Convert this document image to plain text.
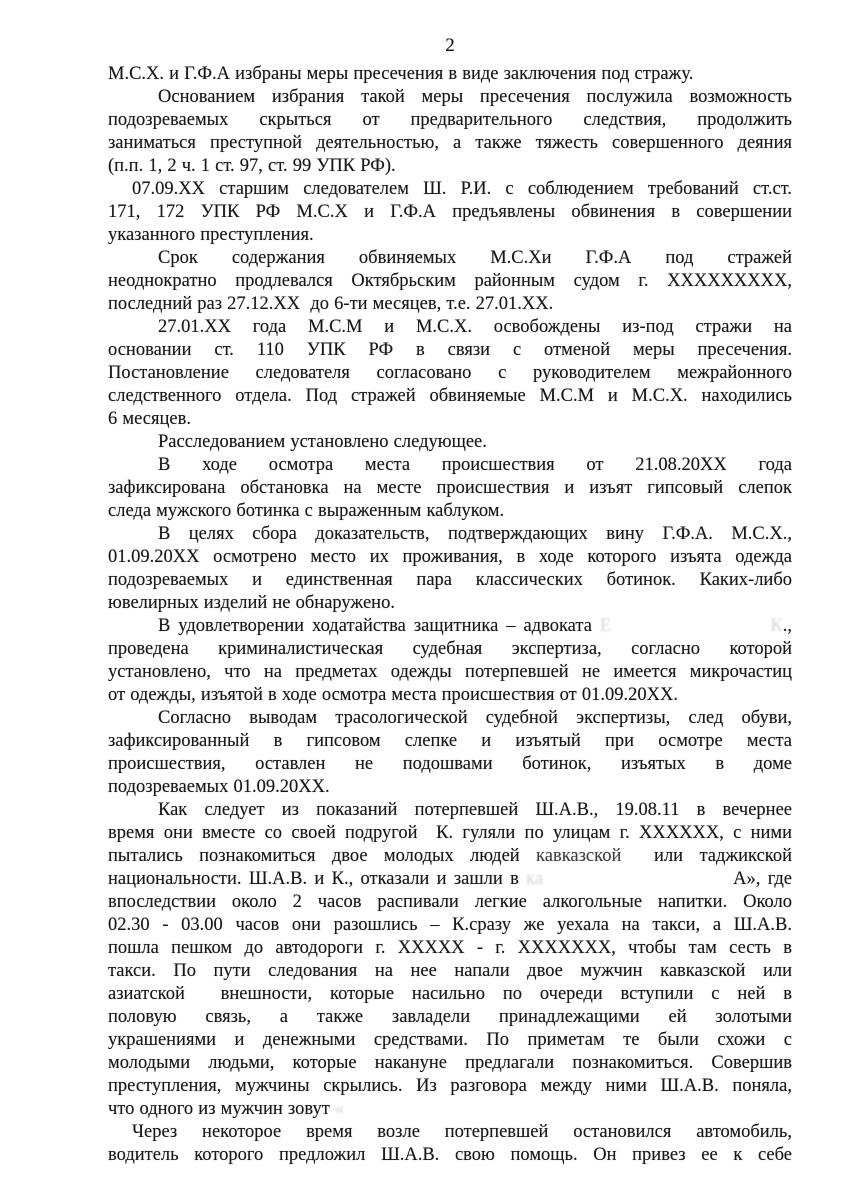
2
М.С.Х. и Г.Ф.А избраны меры пресечения в виде заключения под стражу.
Основанием избрания такой меры пресечения послужила возможность
подозреваемых скрыться от предварительного следствия, продолжить
заниматься преступной деятельностью, а также тяжесть совершенного деяния
(п.п. 1, 2 ч. 1 ст. 97, ст. 99 УПК РФ).
07.09.ХХ старшим следователем Ш. Р.И. с соблюдением требований ст.ст.
171, 172 УПК РФ М.С.Х и Г.Ф.А предъявлены обвинения в совершении
указанного преступления.
Срок содержания обвиняемых М.С.Хи Г.Ф.А под стражей
неоднократно продлевался Октябрьским районным судом г. ХХХХХХХХХ,
последний раз 27.12.ХХ  до 6-ти месяцев, т.е. 27.01.ХХ.
27.01.ХХ года М.С.М и М.С.Х. освобождены из-под стражи на
основании ст. 110 УПК РФ в связи с отменой меры пресечения.
Постановление следователя согласовано с руководителем межрайонного
следственного отдела. Под стражей обвиняемые М.С.М и М.С.Х. находились
6 месяцев.
Расследованием установлено следующее.
В ходе осмотра места происшествия от 21.08.20ХХ года
зафиксирована обстановка на месте происшествия и изъят гипсовый слепок
следа мужского ботинка с выраженным каблуком.
В целях сбора доказательств, подтверждающих вину Г.Ф.А. М.С.Х.,
01.09.20ХХ осмотрено место их проживания, в ходе которого изъята одежда
подозреваемых и единственная пара классических ботинок. Каких-либо
ювелирных изделий не обнаружено.
В удовлетворении ходатайства защитника – адвоката Е                    К.,
проведена криминалистическая судебная экспертиза, согласно которой
установлено, что на предметах одежды потерпевшей не имеется микрочастиц
от одежды, изъятой в ходе осмотра места происшествия от 01.09.20ХХ.
Согласно выводам трасологической судебной экспертизы, след обуви,
зафиксированный в гипсовом слепке и изъятый при осмотре места
происшествия, оставлен не подошвами ботинок, изъятых в доме
подозреваемых 01.09.20ХХ.
Как следует из показаний потерпевшей Ш.А.В., 19.08.11 в вечернее
время они вместе со своей подругой  К. гуляли по улицам г. ХХХХХХ, с ними
пытались познакомиться двое молодых людей кавказской  или таджикской
национальности. Ш.А.В. и К., отказали и зашли в ка                          А», где
впоследствии около 2 часов распивали легкие алкогольные напитки. Около
02.30 - 03.00 часов они разошлись – К.сразу же уехала на такси, а Ш.А.В.
пошла пешком до автодороги г. ХХХХХ - г. ХХХХХХХ, чтобы там сесть в
такси. По пути следования на нее напали двое мужчин кавказской или
азиатской  внешности, которые насильно по очереди вступили с ней в
половую связь, а также завладели принадлежащими ей золотыми
украшениями и денежными средствами. По приметам те были схожи с
молодыми людьми, которые накануне предлагали познакомиться. Совершив
преступления, мужчины скрылись. Из разговора между ними Ш.А.В. поняла,
что одного из мужчин зовут «
Через некоторое время возле потерпевшей остановился автомобиль,
водитель которого предложил Ш.А.В. свою помощь. Он привез ее к себе
